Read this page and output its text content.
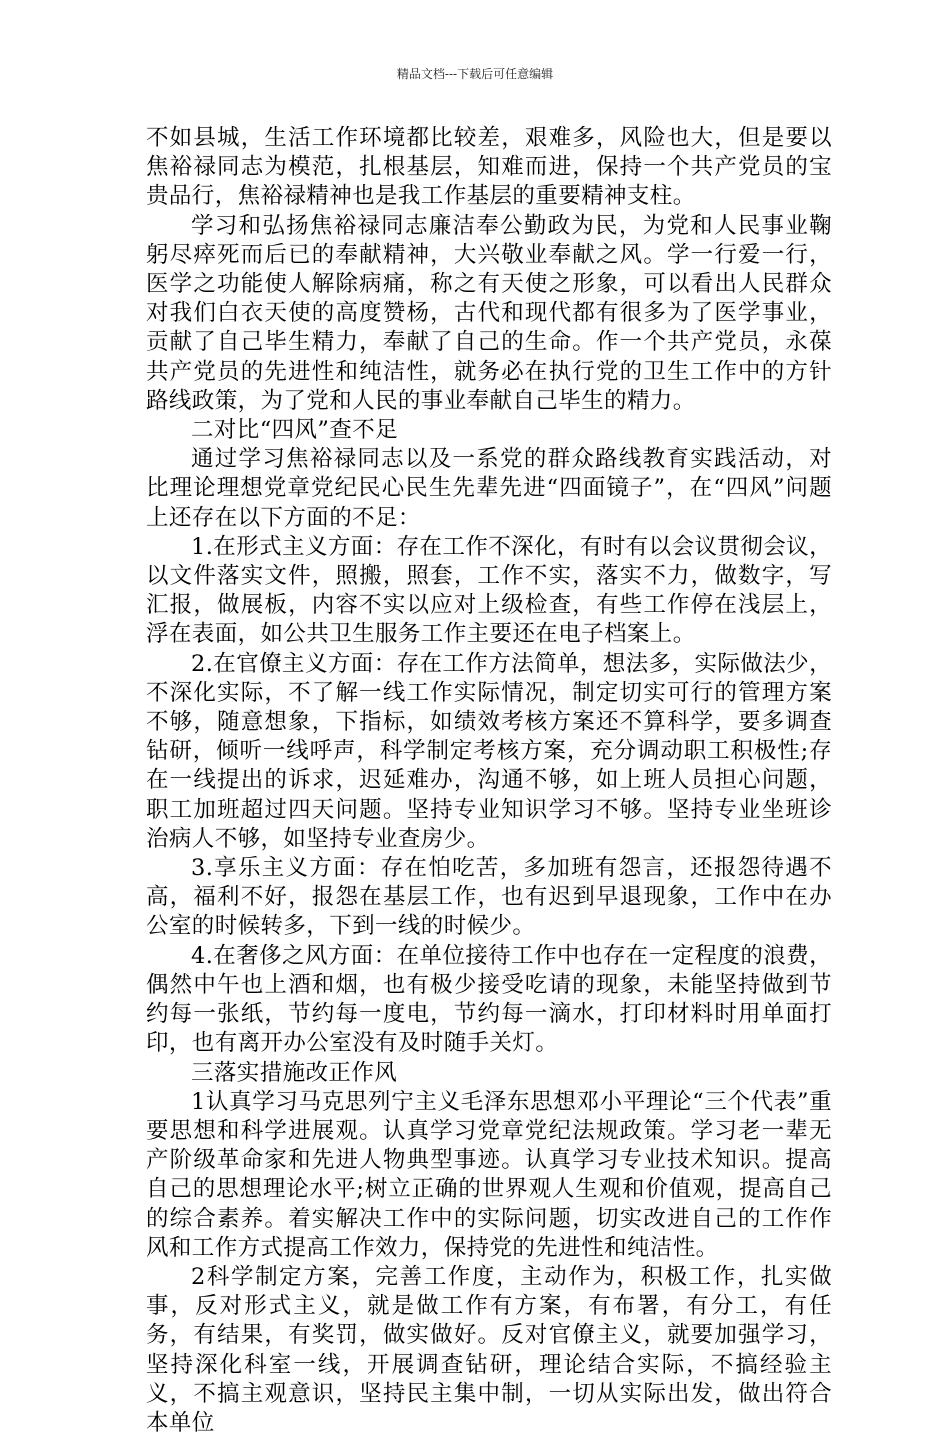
精品文档---下载后可任意编辑

不如县城，生活工作环境都比较差，艰难多，风险也大，但是要以焦裕禄同志为模范，扎根基层，知难而进，保持一个共产党员的宝贵品行，焦裕禄精神也是我工作基层的重要精神支柱。

学习和弘扬焦裕禄同志廉洁奉公勤政为民，为党和人民事业鞠躬尽瘁死而后已的奉献精神，大兴敬业奉献之风。学一行爱一行，医学之功能使人解除病痛，称之有天使之形象，可以看出人民群众对我们白衣天使的高度赞杨，古代和现代都有很多为了医学事业，贡献了自己毕生精力，奉献了自己的生命。作一个共产党员，永葆共产党员的先进性和纯洁性，就务必在执行党的卫生工作中的方针路线政策，为了党和人民的事业奉献自己毕生的精力。

二对比“四风”查不足

通过学习焦裕禄同志以及一系党的群众路线教育实践活动，对比理论理想党章党纪民心民生先辈先进“四面镜子”，在“四风”问题上还存在以下方面的不足：

1.在形式主义方面：存在工作不深化，有时有以会议贯彻会议，以文件落实文件，照搬，照套，工作不实，落实不力，做数字，写汇报，做展板，内容不实以应对上级检查，有些工作停在浅层上，浮在表面，如公共卫生服务工作主要还在电子档案上。

2.在官僚主义方面：存在工作方法简单，想法多，实际做法少，不深化实际，不了解一线工作实际情况，制定切实可行的管理方案不够，随意想象，下指标，如绩效考核方案还不算科学，要多调查钻研，倾听一线呼声，科学制定考核方案，充分调动职工积极性;存在一线提出的诉求，迟延难办，沟通不够，如上班人员担心问题，职工加班超过四天问题。坚持专业知识学习不够。坚持专业坐班诊治病人不够，如坚持专业查房少。

3.享乐主义方面：存在怕吃苦，多加班有怨言，还报怨待遇不高，福利不好，报怨在基层工作，也有迟到早退现象，工作中在办公室的时候转多，下到一线的时候少。

4.在奢侈之风方面：在单位接待工作中也存在一定程度的浪费，偶然中午也上酒和烟，也有极少接受吃请的现象，未能坚持做到节约每一张纸，节约每一度电，节约每一滴水，打印材料时用单面打印，也有离开办公室没有及时随手关灯。

三落实措施改正作风

1认真学习马克思列宁主义毛泽东思想邓小平理论“三个代表”重要思想和科学进展观。认真学习党章党纪法规政策。学习老一辈无产阶级革命家和先进人物典型事迹。认真学习专业技术知识。提高自己的思想理论水平;树立正确的世界观人生观和价值观，提高自己的综合素养。着实解决工作中的实际问题，切实改进自己的工作作风和工作方式提高工作效力，保持党的先进性和纯洁性。

2科学制定方案，完善工作度，主动作为，积极工作，扎实做事，反对形式主义，就是做工作有方案，有布署，有分工，有任务，有结果，有奖罚，做实做好。反对官僚主义，就要加强学习，坚持深化科室一线，开展调查钻研，理论结合实际，不搞经验主义，不搞主观意识，坚持民主集中制，一切从实际出发，做出符合本单位
